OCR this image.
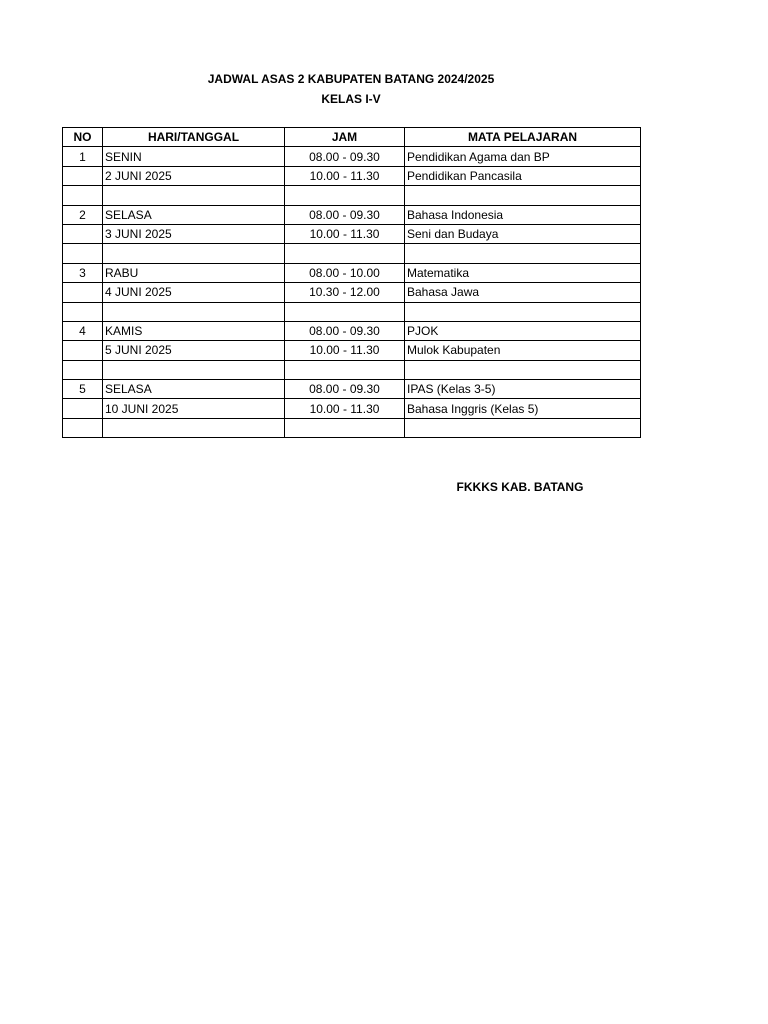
JADWAL ASAS 2 KABUPATEN BATANG 2024/2025
KELAS I-V
NO	HARI/TANGGAL	JAM	MATA PELAJARAN
1	SENIN	08.00 - 09.30	Pendidikan Agama dan BP
	2 JUNI 2025	10.00 - 11.30	Pendidikan Pancasila

2	SELASA	08.00 - 09.30	Bahasa Indonesia
	3 JUNI 2025	10.00 - 11.30	Seni dan Budaya

3	RABU	08.00 - 10.00	Matematika
	4 JUNI 2025	10.30 - 12.00	Bahasa Jawa

4	KAMIS	08.00 - 09.30	PJOK
	5 JUNI 2025	10.00 - 11.30	Mulok Kabupaten

5	SELASA	08.00 - 09.30	IPAS (Kelas 3-5)
	10 JUNI 2025	10.00 - 11.30	Bahasa Inggris (Kelas 5)

FKKKS KAB. BATANG
